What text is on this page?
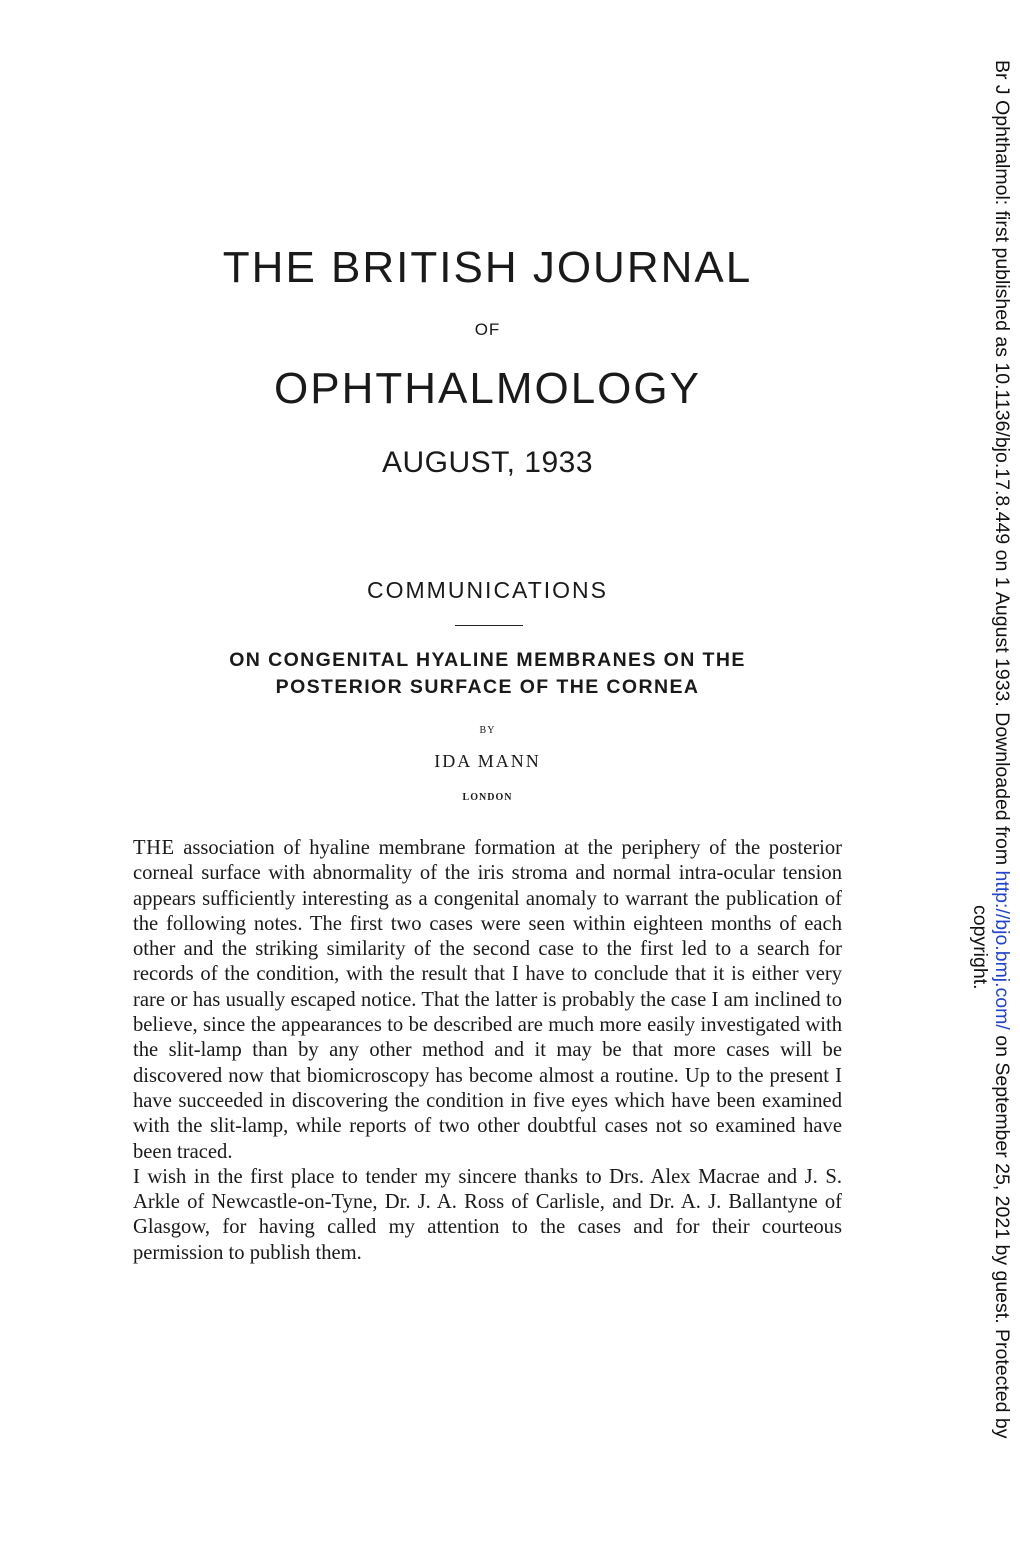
THE BRITISH JOURNAL
OF
OPHTHALMOLOGY
AUGUST, 1933
COMMUNICATIONS
ON CONGENITAL HYALINE MEMBRANES ON THE
POSTERIOR SURFACE OF THE CORNEA
BY
IDA MANN
LONDON

THE association of hyaline membrane formation at the periphery of the posterior corneal surface with abnormality of the iris stroma and normal intra-ocular tension appears sufficiently interesting as a congenital anomaly to warrant the publication of the following notes. The first two cases were seen within eighteen months of each other and the striking similarity of the second case to the first led to a search for records of the condition, with the result that I have to conclude that it is either very rare or has usually escaped notice. That the latter is probably the case I am inclined to believe, since the appearances to be described are much more easily investigated with the slit-lamp than by any other method and it may be that more cases will be discovered now that biomicroscopy has become almost a routine. Up to the present I have succeeded in discovering the condition in five eyes which have been examined with the slit-lamp, while reports of two other doubtful cases not so examined have been traced.

I wish in the first place to tender my sincere thanks to Drs. Alex Macrae and J. S. Arkle of Newcastle-on-Tyne, Dr. J. A. Ross of Carlisle, and Dr. A. J. Ballantyne of Glasgow, for having called my attention to the cases and for their courteous permission to publish them.

Br J Ophthalmol: first published as 10.1136/bjo.17.8.449 on 1 August 1933. Downloaded from http://bjo.bmj.com/ on September 25, 2021 by guest. Protected by
copyright.
